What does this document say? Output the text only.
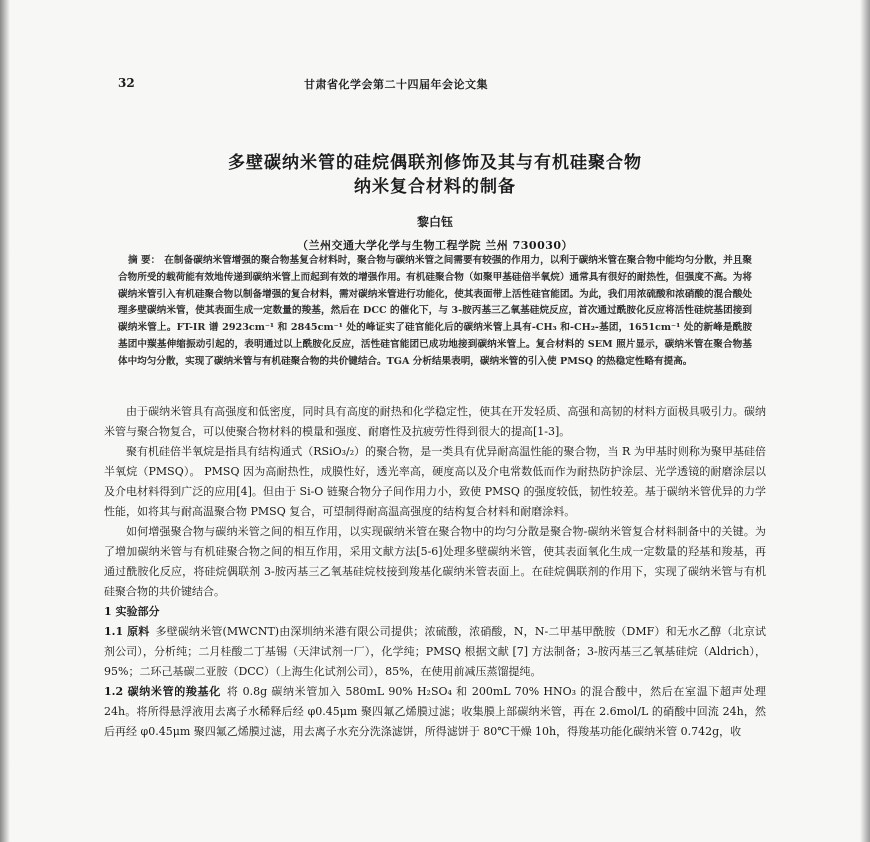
32	甘肃省化学会第二十四届年会论文集
多壁碳纳米管的硅烷偶联剂修饰及其与有机硅聚合物
纳米复合材料的制备
黎白钰
（兰州交通大学化学与生物工程学院 兰州 730030）

摘 要： 在制备碳纳米管增强的聚合物基复合材料时，聚合物与碳纳米管之间需要有较强的作用力，以利于碳纳米管在聚合物中能均匀分散，并且聚合物所受的载荷能有效地传递到碳纳米管上而起到有效的增强作用。有机硅聚合物（如聚甲基硅倍半氧烷）通常具有很好的耐热性，但强度不高。为将碳纳米管引入有机硅聚合物以制备增强的复合材料，需对碳纳米管进行功能化，使其表面带上活性硅官能团。为此，我们用浓硫酸和浓硝酸的混合酸处理多壁碳纳米管，使其表面生成一定数量的羧基，然后在 DCC 的催化下，与 3-胺丙基三乙氧基硅烷反应，首次通过酰胺化反应将活性硅烷基团接到碳纳米管上。FT-IR 谱 2923cm⁻¹ 和 2845cm⁻¹ 处的峰证实了硅官能化后的碳纳米管上具有-CH₃ 和-CH₂-基团，1651cm⁻¹ 处的新峰是酰胺基团中羰基伸缩振动引起的，表明通过以上酰胺化反应，活性硅官能团已成功地接到碳纳米管上。复合材料的 SEM 照片显示，碳纳米管在聚合物基体中均匀分散，实现了碳纳米管与有机硅聚合物的共价键结合。TGA 分析结果表明，碳纳米管的引入使 PMSQ 的热稳定性略有提高。

由于碳纳米管具有高强度和低密度，同时具有高度的耐热和化学稳定性，使其在开发轻质、高强和高韧的材料方面极具吸引力。碳纳米管与聚合物复合，可以使聚合物材料的模量和强度、耐磨性及抗疲劳性得到很大的提高[1-3]。

聚有机硅倍半氧烷是指具有结构通式（RSiO₃/₂）的聚合物，是一类具有优异耐高温性能的聚合物，当 R 为甲基时则称为聚甲基硅倍半氧烷（PMSQ）。 PMSQ 因为高耐热性，成膜性好，透光率高，硬度高以及介电常数低而作为耐热防护涂层、光学透镜的耐磨涂层以及介电材料得到广泛的应用[4]。但由于 Si-O 链聚合物分子间作用力小，致使 PMSQ 的强度较低，韧性较差。基于碳纳米管优异的力学性能，如将其与耐高温聚合物 PMSQ 复合，可望制得耐高温高强度的结构复合材料和耐磨涂料。

如何增强聚合物与碳纳米管之间的相互作用，以实现碳纳米管在聚合物中的均匀分散是聚合物-碳纳米管复合材料制备中的关键。为了增加碳纳米管与有机硅聚合物之间的相互作用，采用文献方法[5-6]处理多壁碳纳米管，使其表面氧化生成一定数量的羟基和羧基，再通过酰胺化反应，将硅烷偶联剂 3-胺丙基三乙氧基硅烷枝接到羧基化碳纳米管表面上。在硅烷偶联剂的作用下，实现了碳纳米管与有机硅聚合物的共价键结合。

1 实验部分

1.1 原料 多壁碳纳米管(MWCNT)由深圳纳米港有限公司提供；浓硫酸，浓硝酸，N，N-二甲基甲酰胺（DMF）和无水乙醇（北京试剂公司），分析纯；二月桂酸二丁基锡（天津试剂一厂），化学纯；PMSQ 根据文献 [7] 方法制备；3-胺丙基三乙氧基硅烷（Aldrich），95%；二环己基碳二亚胺（DCC）（上海生化试剂公司），85%，在使用前减压蒸馏提纯。

1.2 碳纳米管的羧基化 将 0.8g 碳纳米管加入 580mL 90% H₂SO₄ 和 200mL 70% HNO₃ 的混合酸中，然后在室温下超声处理 24h。将所得悬浮液用去离子水稀释后经 φ0.45μm 聚四氟乙烯膜过滤；收集膜上部碳纳米管，再在 2.6mol/L 的硝酸中回流 24h，然后再经 φ0.45μm 聚四氟乙烯膜过滤，用去离子水充分洗涤滤饼，所得滤饼于 80℃干燥 10h，得羧基功能化碳纳米管 0.742g，收
